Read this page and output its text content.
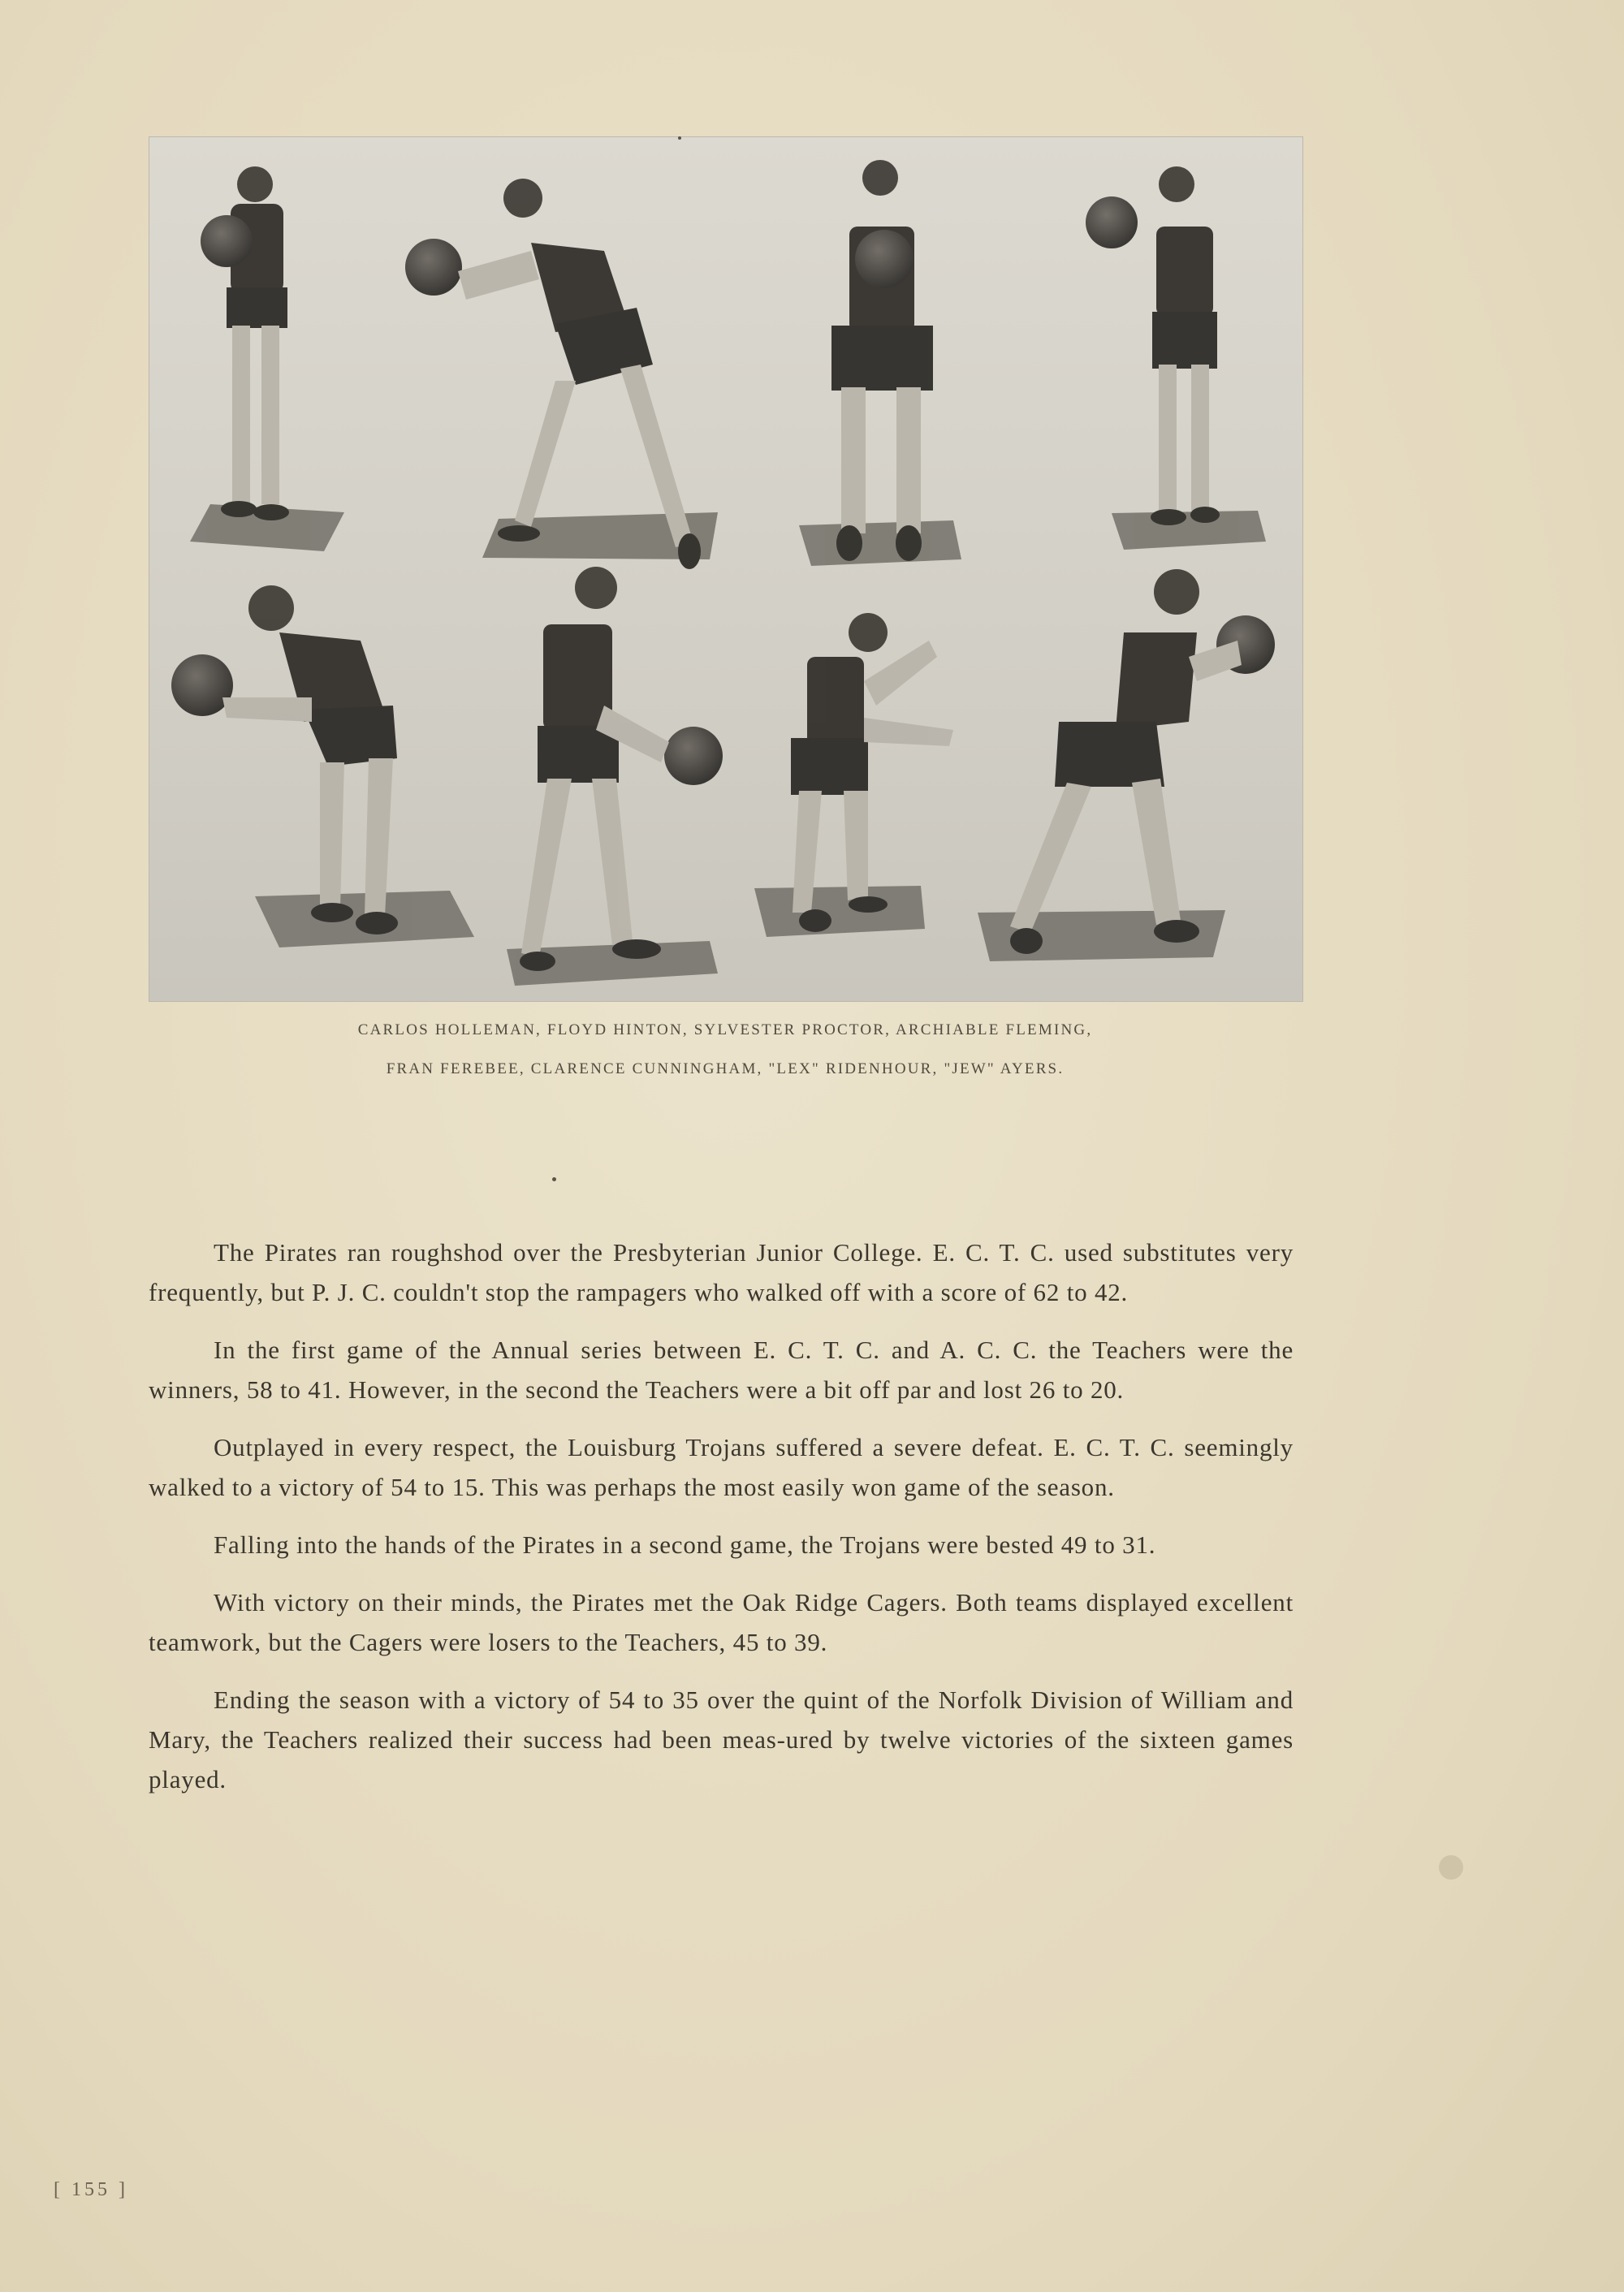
CARLOS HOLLEMAN, FLOYD HINTON, SYLVESTER PROCTOR, ARCHIABLE FLEMING,
FRAN FEREBEE, CLARENCE CUNNINGHAM, "LEX" RIDENHOUR, "JEW" AYERS.

The Pirates ran roughshod over the Presbyterian Junior College. E. C. T. C. used substitutes very frequently, but P. J. C. couldn't stop the rampagers who walked off with a score of 62 to 42.

In the first game of the Annual series between E. C. T. C. and A. C. C. the Teachers were the winners, 58 to 41. However, in the second the Teachers were a bit off par and lost 26 to 20.

Outplayed in every respect, the Louisburg Trojans suffered a severe defeat. E. C. T. C. seemingly walked to a victory of 54 to 15. This was perhaps the most easily won game of the season.

Falling into the hands of the Pirates in a second game, the Trojans were bested 49 to 31.

With victory on their minds, the Pirates met the Oak Ridge Cagers. Both teams displayed excellent teamwork, but the Cagers were losers to the Teachers, 45 to 39.

Ending the season with a victory of 54 to 35 over the quint of the Norfolk Division of William and Mary, the Teachers realized their success had been meas-ured by twelve victories of the sixteen games played.

[ 155 ]
